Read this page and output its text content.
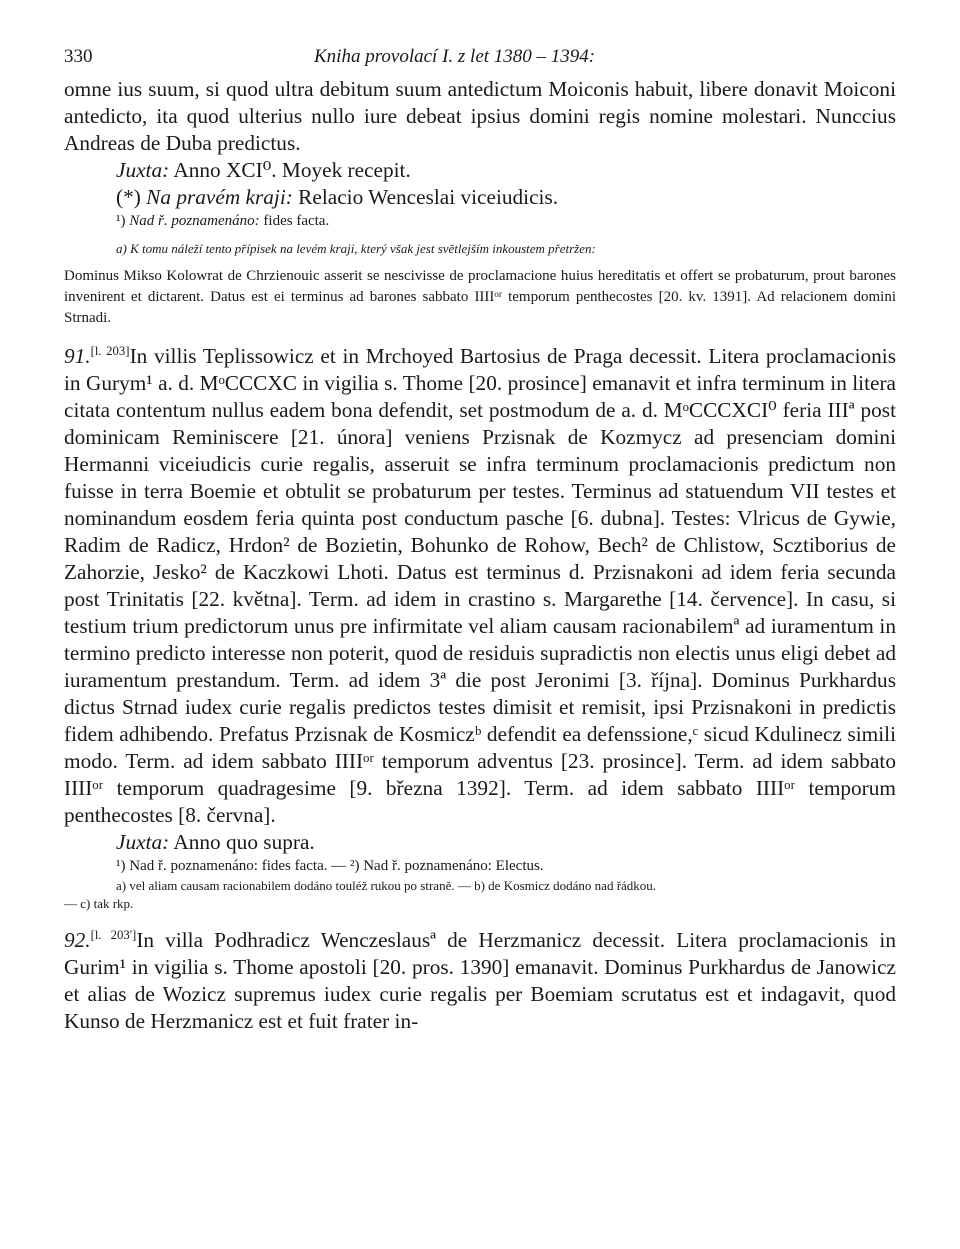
330	Kniha provolací I. z let 1380 – 1394:

omne ius suum, si quod ultra debitum suum antedictum Moiconis habuit, libere donavit Moiconi antedicto, ita quod ulterius nullo iure debeat ipsius domini regis nomine molestari. Nunccius Andreas de Duba predictus.

Juxta: Anno XCI⁰. Moyek recepit.

(*) Na pravém kraji: Relacio Wenceslai viceiudicis.

¹) Nad ř. poznamenáno: fides facta.

a) K tomu náleží tento přípisek na levém kraji, který však jest světlejším inkoustem přetržen:

Dominus Mikso Kolowrat de Chrzienouic asserit se nescivisse de proclamacione huius hereditatis et offert se probaturum, prout barones invenirent et dictarent. Datus est ei terminus ad barones sabbato IIIIᵒʳ temporum penthecostes [20. kv. 1391]. Ad relacionem domini Strnadi.

91.[l. 203]In villis Teplissowicz et in Mrchoyed Bartosius de Praga decessit. Litera proclamacionis in Gurym¹ a. d. MᵒCCCXC in vigilia s. Thome [20. prosince] emanavit et infra terminum in litera citata contentum nullus eadem bona defendit, set postmodum de a. d. MᵒCCCXCI⁰ feria IIIª post dominicam Reminiscere [21. února] veniens Przisnak de Kozmycz ad presenciam domini Hermanni viceiudicis curie regalis, asseruit se infra terminum proclamacionis predictum non fuisse in terra Boemie et obtulit se probaturum per testes. Terminus ad statuendum VII testes et nominandum eosdem feria quinta post conductum pasche [6. dubna]. Testes: Vlricus de Gywie, Radim de Radicz, Hrdon² de Bozietin, Bohunko de Rohow, Bech² de Chlistow, Scztiborius de Zahorzie, Jesko² de Kaczkowi Lhoti. Datus est terminus d. Przisnakoni ad idem feria secunda post Trinitatis [22. května]. Term. ad idem in crastino s. Margarethe [14. července]. In casu, si testium trium predictorum unus pre infirmitate vel aliam causam racionabilemª ad iuramentum in termino predicto interesse non poterit, quod de residuis supradictis non electis unus eligi debet ad iuramentum prestandum. Term. ad idem 3ª die post Jeronimi [3. října]. Dominus Purkhardus dictus Strnad iudex curie regalis predictos testes dimisit et remisit, ipsi Przisnakoni in predictis fidem adhibendo. Prefatus Przisnak de Kosmiczᵇ defendit ea defenssione,ᶜ sicud Kdulinecz simili modo. Term. ad idem sabbato IIIIᵒʳ temporum adventus [23. prosince]. Term. ad idem sabbato IIIIᵒʳ temporum quadragesime [9. března 1392]. Term. ad idem sabbato IIIIᵒʳ temporum penthecostes [8. června].

Juxta: Anno quo supra.

¹) Nad ř. poznamenáno: fides facta. — ²) Nad ř. poznamenáno: Electus.

a) vel aliam causam racionabilem dodáno touléž rukou po straně. — b) de Kosmicz dodáno nad řádkou.

— c) tak rkp.

92.[l. 203']In villa Podhradicz Wenczeslausª de Herzmanicz decessit. Litera proclamacionis in Gurim¹ in vigilia s. Thome apostoli [20. pros. 1390] emanavit. Dominus Purkhardus de Janowicz et alias de Wozicz supremus iudex curie regalis per Boemiam scrutatus est et indagavit, quod Kunso de Herzmanicz est et fuit frater in-
